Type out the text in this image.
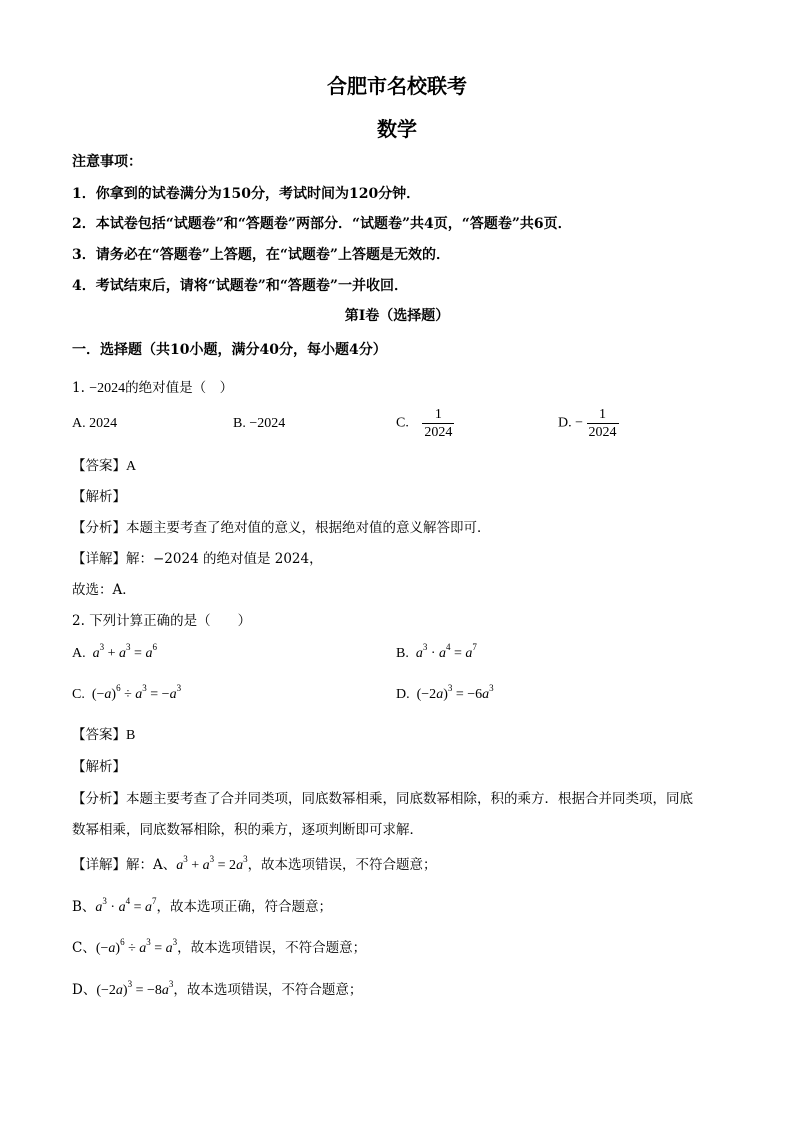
合肥市名校联考
数学
注意事项：
1．你拿到的试卷满分为150分，考试时间为120分钟．
2．本试卷包括“试题卷”和“答题卷”两部分．“试题卷”共4页，“答题卷”共6页．
3．请务必在“答题卷”上答题，在“试题卷”上答题是无效的．
4．考试结束后，请将“试题卷”和“答题卷”一并收回．
第Ⅰ卷（选择题）
一．选择题（共10小题，满分40分，每小题4分）
1. −2024的绝对值是（　）
A. 2024	B. −2024	C. $\frac{1}{2024}$	D. − $\frac{1}{2024}$
【答案】A
【解析】
【分析】本题主要考查了绝对值的意义，根据绝对值的意义解答即可．
【详解】解：−2024 的绝对值是 2024，
故选：A．
2. 下列计算正确的是（　　）
A. $a^3 + a^3 = a^6$	B. $a^3 \cdot a^4 = a^7$
C. $(-a)^6 \div a^3 = -a^3$	D. $(-2a)^3 = -6a^3$
【答案】B
【解析】
【分析】本题主要考查了合并同类项，同底数幂相乘，同底数幂相除，积的乘方．根据合并同类项，同底
数幂相乘，同底数幂相除，积的乘方，逐项判断即可求解．
【详解】解：A、$a^3 + a^3 = 2a^3$，故本选项错误，不符合题意；
B、$a^3 \cdot a^4 = a^7$，故本选项正确，符合题意；
C、$(-a)^6 \div a^3 = a^3$，故本选项错误，不符合题意；
D、$(-2a)^3 = -8a^3$，故本选项错误，不符合题意；
